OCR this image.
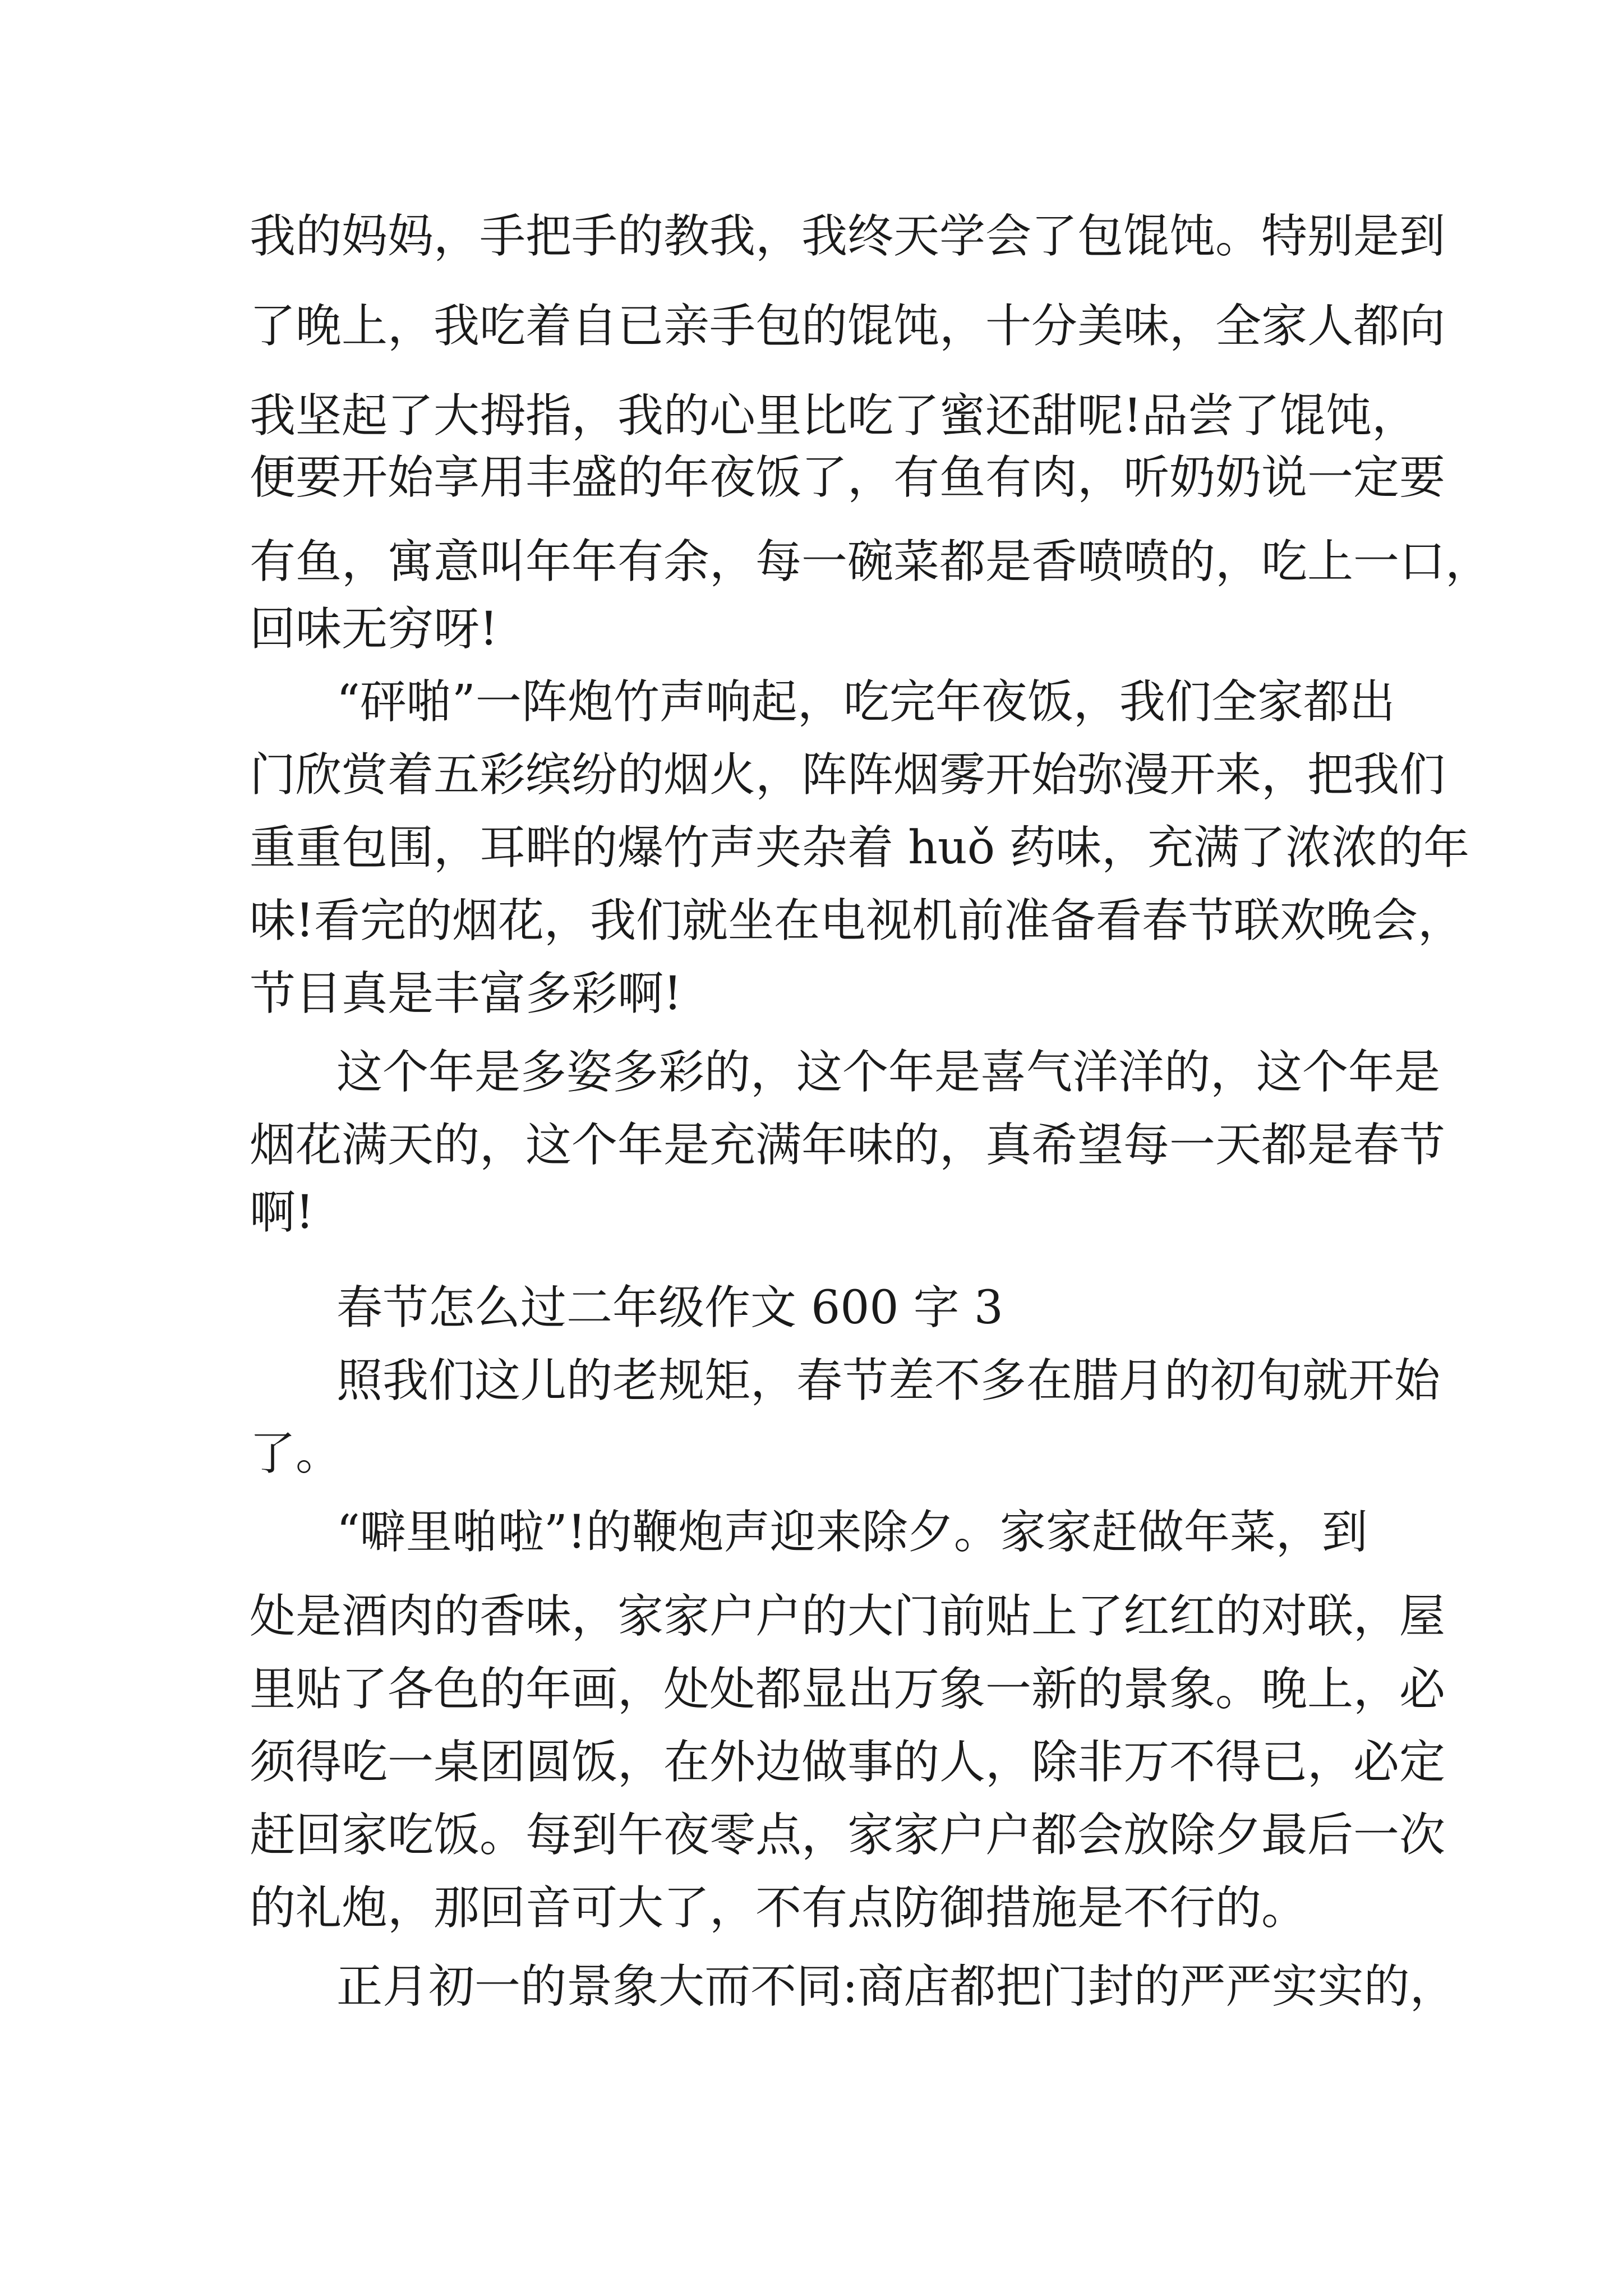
我的妈妈，手把手的教我，我终天学会了包馄饨。特别是到
了晚上，我吃着自已亲手包的馄饨，十分美味，全家人都向
我坚起了大拇指，我的心里比吃了蜜还甜呢!品尝了馄饨，
便要开始享用丰盛的年夜饭了，有鱼有肉，听奶奶说一定要
有鱼，寓意叫年年有余，每一碗菜都是香喷喷的，吃上一口，
回味无穷呀!
“砰啪”一阵炮竹声响起，吃完年夜饭，我们全家都出
门欣赏着五彩缤纷的烟火，阵阵烟雾开始弥漫开来，把我们
重重包围，耳畔的爆竹声夹杂着 huǒ 药味，充满了浓浓的年
味!看完的烟花，我们就坐在电视机前准备看春节联欢晚会，
节目真是丰富多彩啊!
这个年是多姿多彩的，这个年是喜气洋洋的，这个年是
烟花满天的，这个年是充满年味的，真希望每一天都是春节
啊!
春节怎么过二年级作文 600 字 3
照我们这儿的老规矩，春节差不多在腊月的初旬就开始
了。
“噼里啪啦”!的鞭炮声迎来除夕。家家赶做年菜，到
处是酒肉的香味，家家户户的大门前贴上了红红的对联，屋
里贴了各色的年画，处处都显出万象一新的景象。晚上，必
须得吃一桌团圆饭，在外边做事的人，除非万不得已，必定
赶回家吃饭。每到午夜零点，家家户户都会放除夕最后一次
的礼炮，那回音可大了，不有点防御措施是不行的。
正月初一的景象大而不同:商店都把门封的严严实实的，
